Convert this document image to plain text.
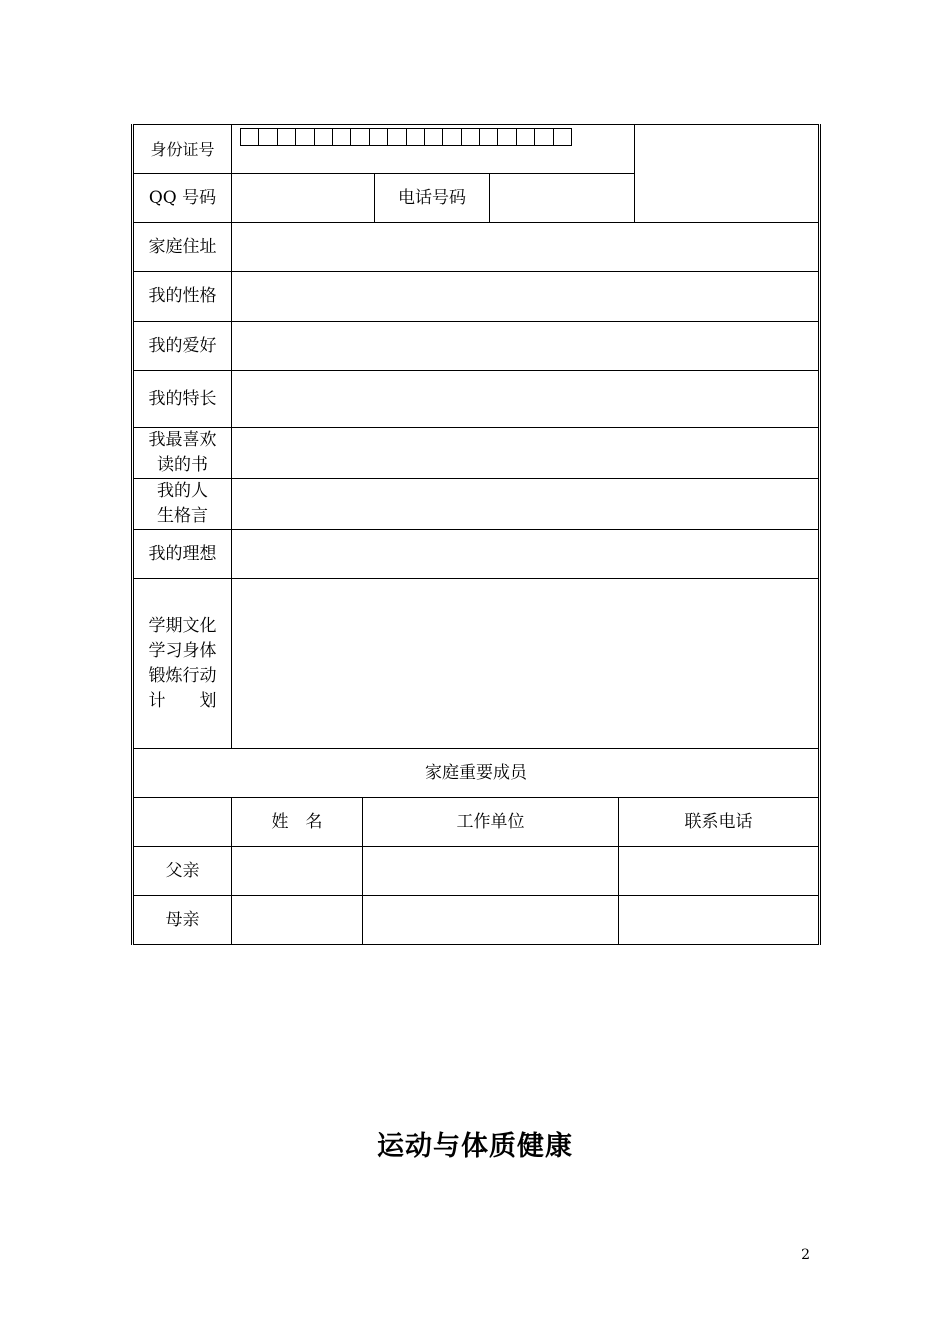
身份证号						
QQ 号码			电话号码			
家庭住址						
我的性格						
我的爱好						
我的特长						

我最喜欢
读的书						

我的人
生格言						

我的理想						

学期文化
学习身体
锻炼行动
计　　划						

家庭重要成员						
	姓　名	工作单位			联系电话	
父亲						
母亲						
运动与体质健康
2
